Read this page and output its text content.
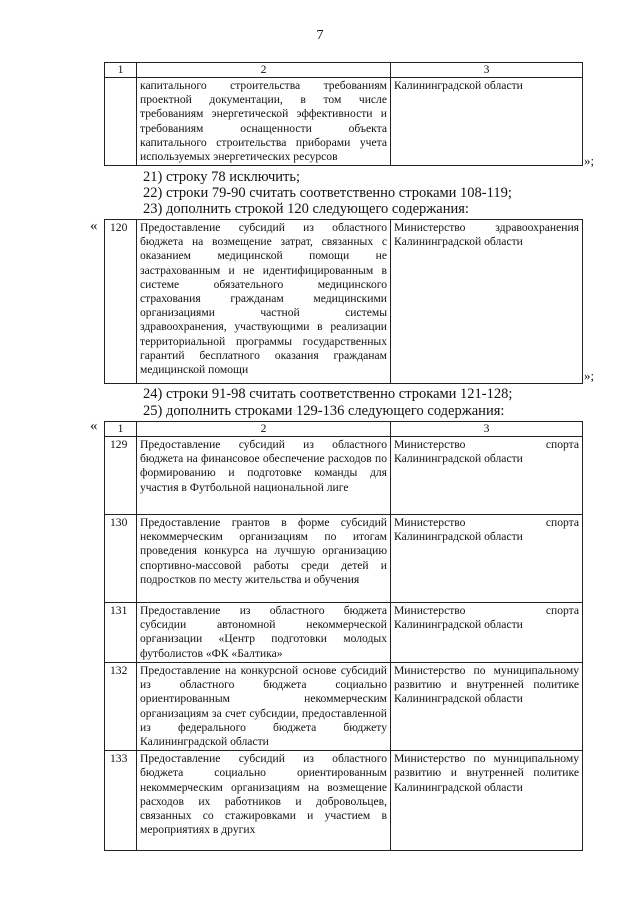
7
1	2	3
	капитального строительства требованиям проектной документации, в том числе требованиям энергетической эффективности и требованиям оснащенности объекта капитального строительства приборами учета используемых энергетических ресурсов	Калининградской области
»;
21) строку 78 исключить;
22) строки 79-90 считать соответственно строками 108-119;
23) дополнить строкой 120 следующего содержания:
« 120	Предоставление субсидий из областного бюджета на возмещение затрат, связанных с оказанием медицинской помощи не застрахованным и не идентифицированным в системе обязательного медицинского страхования гражданам медицинскими организациями частной системы здравоохранения, участвующими в реализации территориальной программы государственных гарантий бесплатного оказания гражданам медицинской помощи	Министерство здравоохранения Калининградской области
»;
24) строки 91-98 считать соответственно строками 121-128;
25) дополнить строками 129-136 следующего содержания:
« 1	2	3
129	Предоставление субсидий из областного бюджета на финансовое обеспечение расходов по формированию и подготовке команды для участия в Футбольной национальной лиге	Министерство спорта Калининградской области
130	Предоставление грантов в форме субсидий некоммерческим организациям по итогам проведения конкурса на лучшую организацию спортивно-массовой работы среди детей и подростков по месту жительства и обучения	Министерство спорта Калининградской области
131	Предоставление из областного бюджета субсидии автономной некоммерческой организации «Центр подготовки молодых футболистов «ФК «Балтика»	Министерство спорта Калининградской области
132	Предоставление на конкурсной основе субсидий из областного бюджета социально ориентированным некоммерческим организациям за счет субсидии, предоставленной из федерального бюджета бюджету Калининградской области	Министерство по муниципальному развитию и внутренней политике Калининградской области
133	Предоставление субсидий из областного бюджета социально ориентированным некоммерческим организациям на возмещение расходов их работников и добровольцев, связанных со стажировками и участием в мероприятиях в других	Министерство по муниципальному развитию и внутренней политике Калининградской области
